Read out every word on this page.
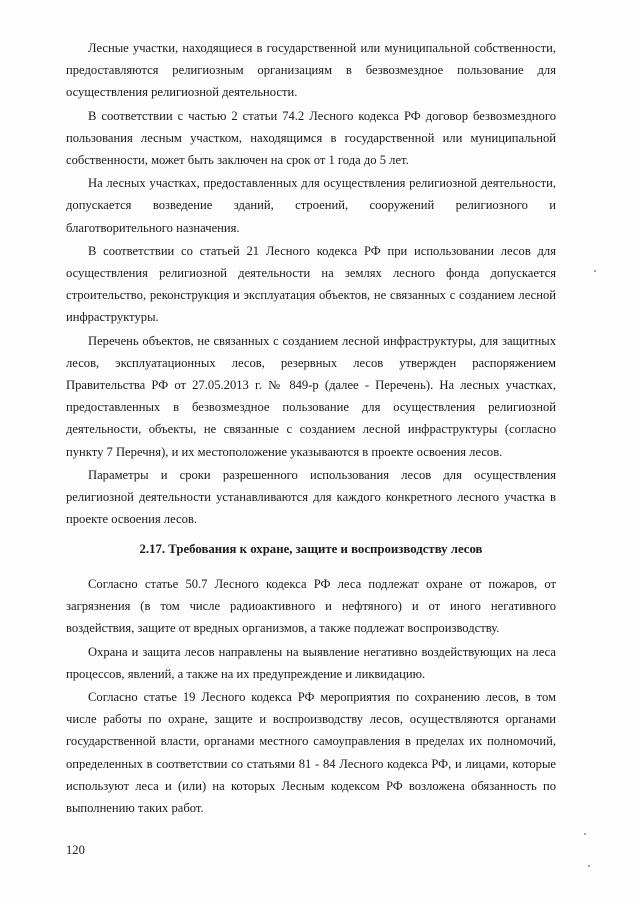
Лесные участки, находящиеся в государственной или муниципальной собственности, предоставляются религиозным организациям в безвозмездное пользование для осуществления религиозной деятельности.

В соответствии с частью 2 статьи 74.2 Лесного кодекса РФ договор безвозмездного пользования лесным участком, находящимся в государственной или муниципальной собственности, может быть заключен на срок от 1 года до 5 лет.

На лесных участках, предоставленных для осуществления религиозной деятельности, допускается возведение зданий, строений, сооружений религиозного и благотворительного назначения.

В соответствии со статьей 21 Лесного кодекса РФ при использовании лесов для осуществления религиозной деятельности на землях лесного фонда допускается строительство, реконструкция и эксплуатация объектов, не связанных с созданием лесной инфраструктуры.

Перечень объектов, не связанных с созданием лесной инфраструктуры, для защитных лесов, эксплуатационных лесов, резервных лесов утвержден распоряжением Правительства РФ от 27.05.2013 г. № 849-р (далее - Перечень). На лесных участках, предоставленных в безвозмездное пользование для осуществления религиозной деятельности, объекты, не связанные с созданием лесной инфраструктуры (согласно пункту 7 Перечня), и их местоположение указываются в проекте освоения лесов.

Параметры и сроки разрешенного использования лесов для осуществления религиозной деятельности устанавливаются для каждого конкретного лесного участка в проекте освоения лесов.

2.17. Требования к охране, защите и воспроизводству лесов

Согласно статье 50.7 Лесного кодекса РФ леса подлежат охране от пожаров, от загрязнения (в том числе радиоактивного и нефтяного) и от иного негативного воздействия, защите от вредных организмов, а также подлежат воспроизводству.

Охрана и защита лесов направлены на выявление негативно воздействующих на леса процессов, явлений, а также на их предупреждение и ликвидацию.

Согласно статье 19 Лесного кодекса РФ мероприятия по сохранению лесов, в том числе работы по охране, защите и воспроизводству лесов, осуществляются органами государственной власти, органами местного самоуправления в пределах их полномочий, определенных в соответствии со статьями 81 - 84 Лесного кодекса РФ, и лицами, которые используют леса и (или) на которых Лесным кодексом РФ возложена обязанность по выполнению таких работ.

120
